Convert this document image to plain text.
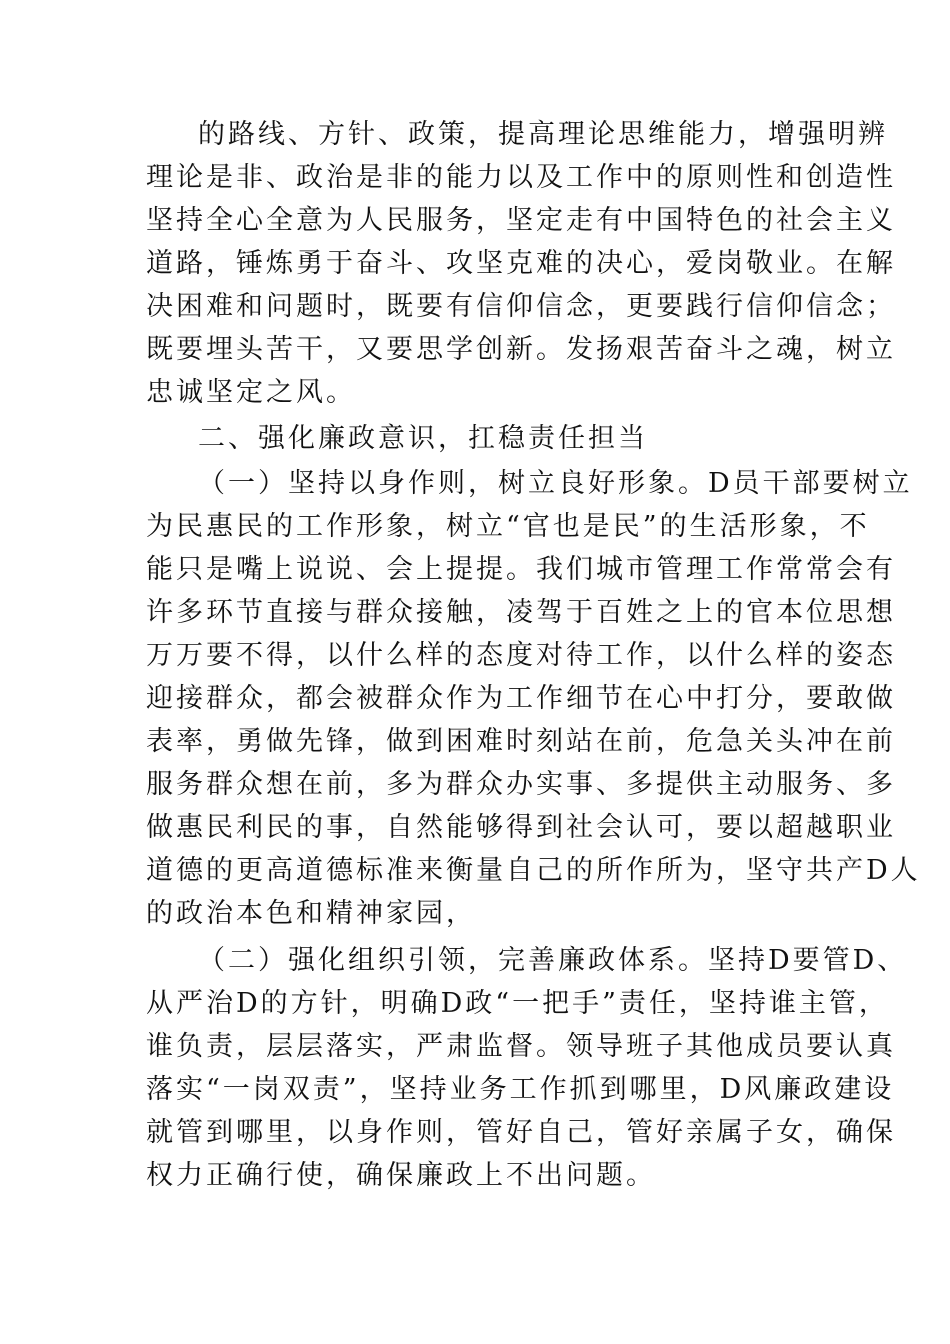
的路线、方针、政策，提高理论思维能力，增强明辨
理论是非、政治是非的能力以及工作中的原则性和创造性
坚持全心全意为人民服务，坚定走有中国特色的社会主义
道路，锤炼勇于奋斗、攻坚克难的决心，爱岗敬业。在解
决困难和问题时，既要有信仰信念，更要践行信仰信念；
既要埋头苦干，又要思学创新。发扬艰苦奋斗之魂，树立
忠诚坚定之风。
二、强化廉政意识，扛稳责任担当
（一）坚持以身作则，树立良好形象。D员干部要树立
为民惠民的工作形象，树立“官也是民”的生活形象，不
能只是嘴上说说、会上提提。我们城市管理工作常常会有
许多环节直接与群众接触，凌驾于百姓之上的官本位思想
万万要不得，以什么样的态度对待工作，以什么样的姿态
迎接群众，都会被群众作为工作细节在心中打分，要敢做
表率，勇做先锋，做到困难时刻站在前，危急关头冲在前
服务群众想在前，多为群众办实事、多提供主动服务、多
做惠民利民的事，自然能够得到社会认可，要以超越职业
道德的更高道德标准来衡量自己的所作所为，坚守共产D人
的政治本色和精神家园，
（二）强化组织引领，完善廉政体系。坚持D要管D、
从严治D的方针，明确D政“一把手”责任，坚持谁主管，
谁负责，层层落实，严肃监督。领导班子其他成员要认真
落实“一岗双责”，坚持业务工作抓到哪里，D风廉政建设
就管到哪里，以身作则，管好自己，管好亲属子女，确保
权力正确行使，确保廉政上不出问题。
